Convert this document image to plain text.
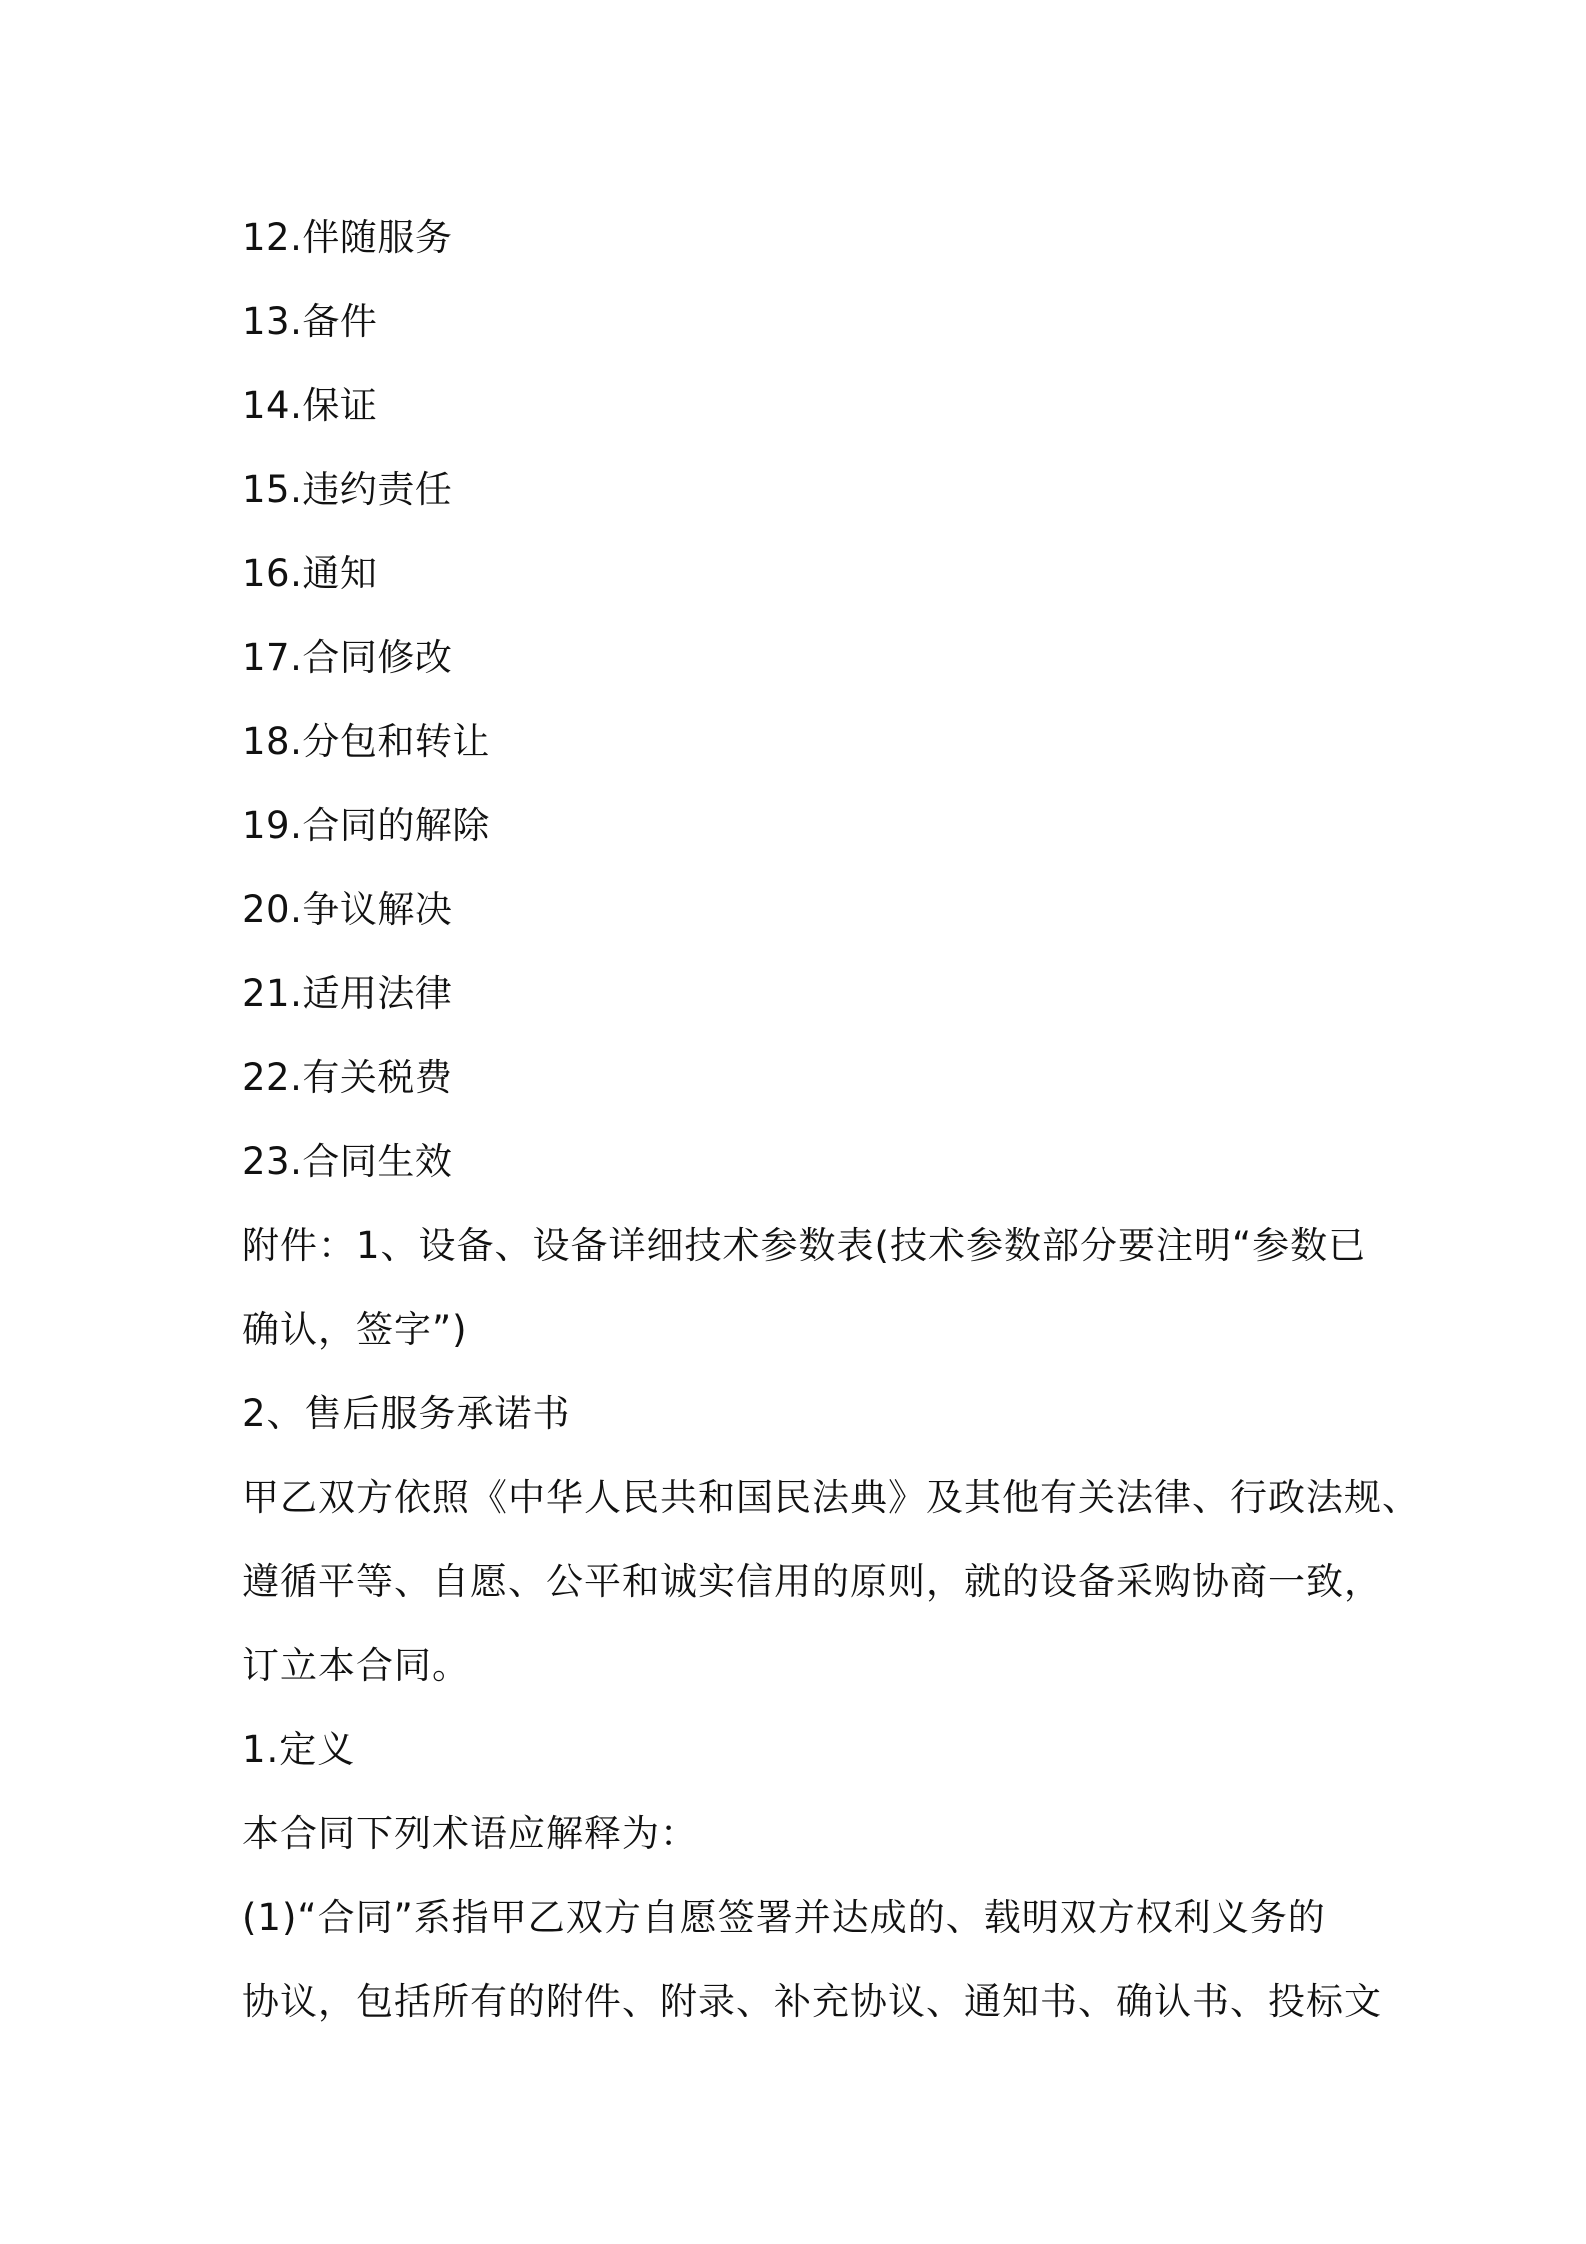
12.伴随服务

13.备件

14.保证

15.违约责任

16.通知

17.合同修改

18.分包和转让

19.合同的解除

20.争议解决

21.适用法律

22.有关税费

23.合同生效

附件：1、设备、设备详细技术参数表(技术参数部分要注明“参数已

确认，签字”)

2、售后服务承诺书

甲乙双方依照《中华人民共和国民法典》及其他有关法律、行政法规、

遵循平等、自愿、公平和诚实信用的原则，就的设备采购协商一致，

订立本合同。

1.定义

本合同下列术语应解释为：

(1)“合同”系指甲乙双方自愿签署并达成的、载明双方权利义务的

协议，包括所有的附件、附录、补充协议、通知书、确认书、投标文
